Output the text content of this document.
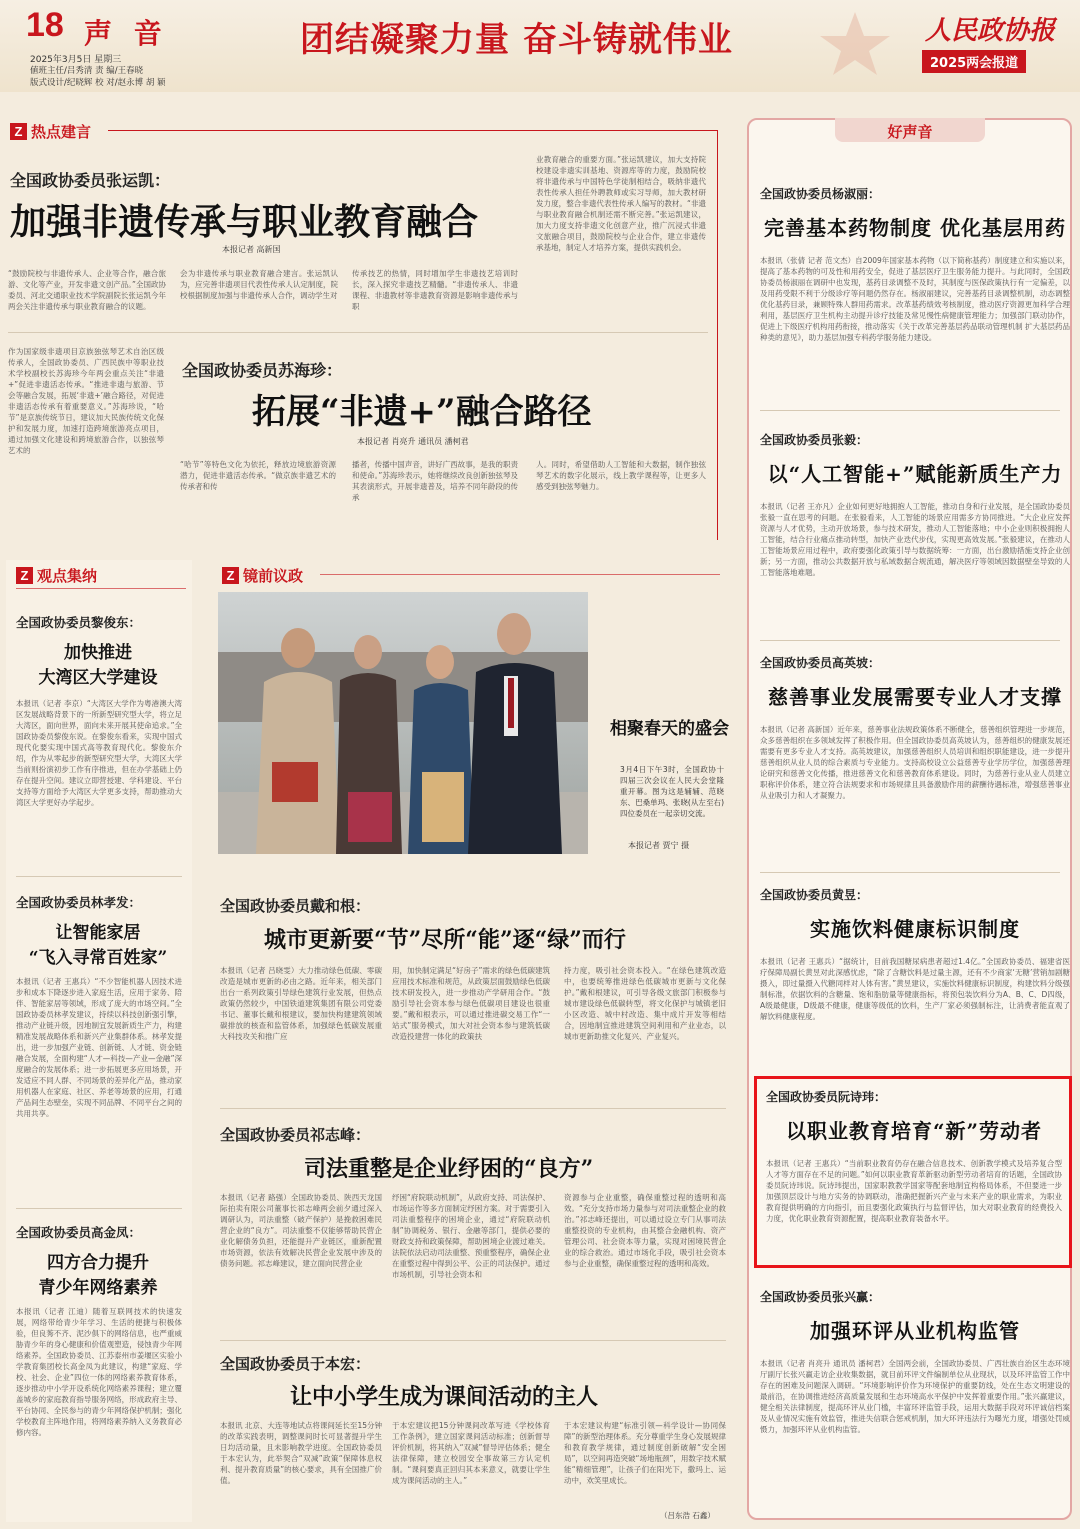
18 声 音
2025年3月5日 星期三
値班主任/吕秀清 责 编/王春晓
版式设计/纪晓辉 校 对/赵永博 胡 颖
团结凝聚力量 奋斗铸就伟业	人民政协报
2025两会报道
Z 热点建言
全国政协委员张运凯：
加强非遗传承与职业教育融合
本报记者 高新国
“鼓励院校与非遗传承人、企业等合作，融合旅游、文化等产业，开发非遗文创产品。”全国政协委员、河北交通职业技术学院副院长张运凯今年两会关注非遗传承与职业教育融合的议题。
会为非遗传承与职业教育融合建言。张运凯认为，应完善非遗项目代表性传承人认定制度，院校根据制度加强与非遗传承人合作，调动学生对
传承技艺的热情，同时增加学生非遗技艺培训时长，深入探究非遗技艺精髓。“非遗传承人、非遗课程、非遗教材等非遗教育资源是影响非遗传承与职
业教育融合的重要方面。”张运凯建议，加大支持院校建设非遗实训基地、资源库等的力度，鼓励院校将非遗传承与中国特色学徒制相结合，吸纳非遗代表性传承人担任外聘教师或实习导师，加大教材研发力度，整合非遗代表性传承人编写的教材。“非遗与职业教育融合机制还需不断完善。”张运凯建议，加大力度支持非遗文化创意产业，推广沉浸式非遗文旅融合项目，鼓励院校与企业合作，建立非遗传承基地，制定人才培养方案，提供实践机会。
作为国家级非遗项目京族独弦琴艺术自治区级传承人，全国政协委员、广西民族中等职业技术学校副校长苏海珍今年两会重点关注“非遗+”促进非遗活态传承。“推进非遗与旅游、节会等融合发展，拓展‘非遗+’融合路径，对促进非遗活态传承有着重要意义。”苏海珍说，“哈节”是京族传统节日，建议加大民族传统文化保护和发展力度，加速打造跨境旅游亮点项目，通过加强文化建设和跨境旅游合作，以独弦琴艺术的
全国政协委员苏海珍：
拓展“非遗+”融合路径
本报记者 肖亮升 通讯员 潘柯君
“哈节”等特色文化为依托，释放边境旅游资源潜力，促进非遗活态传承。“做京族非遗艺术的传承者和传
播者，传播中国声音，讲好广西故事，是我的职责和使命。”苏海珍表示，她将继续改良创新独弦琴及其表演形式，开展非遗普及，培养不同年龄段的传承
人。同时，希望借助人工智能和大数据，制作独弦琴艺术的数字化展示，线上教学课程等，让更多人感受到独弦琴魅力。
Z 观点集纳
全国政协委员黎俊东：
加快推进
大湾区大学建设
本报讯（记者 李京）“大湾区大学作为粤港澳大湾区发展战略背景下的一所新型研究型大学，将立足大湾区，面向世界，面向未来开展其使命追求。”全国政协委员黎俊东说。在黎俊东看来，实现中国式现代化要实现中国式高等教育现代化。黎俊东介绍，作为从零起步的新型研究型大学，大湾区大学当前则扮演初步工作有序推进，但在办学基础上仍存在提升空间。建议立即营授建、学科建设、平台支持等方面给予大湾区大学更多支持，帮助推动大湾区大学更好办学起步。
全国政协委员林孝发：
让智能家居
“飞入寻常百姓家”
本报讯（记者 王惠兵）“不少智能机器人因技术进步和成本下降逐步进入家庭生活，应用于家务、陪伴、智能家居等领域，形成了庞大的市场空间。”全国政协委员林孝发建议，持续以科技创新强引擎，推动产业链升级，因地制宜发展新质生产力，构建精准发展战略体系和新兴产业集群体系。林孝发提出，进一步加强产业链、创新链、人才链、资金链融合发展，全面构建“人才—科技—产业—金融”深度融合的发展体系；进一步拓展更多应用场景，开发适应不同人群、不同场景的差异化产品，推动家用机器人在家庭、社区、养老等场景的应用，打通产品间生态壁垒，实现不同品牌、不同平台之间的共用共享。
全国政协委员高金凤：
四方合力提升
青少年网络素养
本报讯（记者 江迪）随着互联网技术的快速发展，网络带给青少年学习、生活的便捷与积极体验，但良莠不齐、泥沙俱下的网络信息，也严重威胁青少年的身心健康和价值观塑造，侵蚀青少年网络素养。全国政协委员、江苏泰州市姜堰区实验小学教育集团校长高金凤为此建议，构建“家庭、学校、社会、企业”四位一体的网络素养教育体系，逐步推动中小学开设系统化网络素养课程；建立覆盖城乡的家庭教育指导服务网络，形成政府主导、平台协同、全民参与的青少年网络保护机制；强化学校教育主阵地作用，将网络素养纳入义务教育必修内容。
Z 镜前议政
相聚春天的盛会
3月4日下午3时，全国政协十四届三次会议在人民大会堂隆重开幕。图为这是辅辅、范晓东、巴桑单玛、张晓(从左至右)四位委员在一起亲切交流。
本报记者 贾宁 摄
全国政协委员戴和根：
城市更新要“节”尽所“能”逐“绿”而行
本报讯（记者 吕晓雯）大力推动绿色低碳、零碳改造是城市更新的必由之路。近年来，相关部门出台一系列政策引导绿色建筑行业发展，但热点政策仍然较少，中国铁道建筑集团有限公司党委书记、董事长戴和根建议，要加快构建建筑领域碳排放的核查和监管体系，加强绿色低碳发展重大科技攻关和推广应
用，加快制定满足“好房子”需求的绿色低碳建筑应用技术标准和规范，从政策层面鼓励绿色低碳技术研发投入，进一步推动产学研用合作。“鼓励引导社会资本参与绿色低碳项目建设也很重要。”戴和根表示，可以通过推进碳交易工作“一站式”服务模式，加大对社会资本参与建筑低碳改造投建营一体化的政策扶
持力度，吸引社会资本投入。“在绿色建筑改造中，也要统筹推进绿色低碳城市更新与文化保护。”戴和根建议，可引导各级文旅部门积极参与城市建设绿色低碳转型，将文化保护与城镇老旧小区改造、城中村改造、集中成片开发等相结合，因地制宜推进建筑空间利用和产业业态，以城市更新助推文化复兴、产业复兴。
全国政协委员祁志峰：
司法重整是企业纾困的“良方”
本报讯（记者 路强）全国政协委员、陕西天龙国际拍卖有限公司董事长祁志峰两会前夕通过深入调研认为，司法重整（破产保护）是挽救困难民营企业的“良方”。司法重整不仅能够帮助民营企业化解债务负担，还能提升产业链区，重新配置市场资源，依法有效解决民营企业发展中涉及的债务问题。祁志峰建议，建立面向民营企业
纾困“府院联动机制”，从政府支持、司法保护、市场运作等多方面制定纾困方案。对于需要引入司法重整程序的困境企业，通过“府院联动机制”协调税务、银行、金融等部门，提供必要的财政支持和政策保障，帮助困境企业渡过难关。法院依法启动司法重整、预重整程序，确保企业在重整过程中得到公平、公正的司法保护。通过市场机制，引导社会资本和
资源参与企业重整，确保重整过程的透明和高效。“充分支持市场力量参与对司法重整企业的救治。”祁志峰还提出，可以通过设立专门从事司法重整投资的专业机构，由其整合金融机构、资产管理公司、社会资本等力量，实现对困境民营企业的综合救治。通过市场化手段，吸引社会资本参与企业重整，确保重整过程的透明和高效。
全国政协委员于本宏：
让中小学生成为课间活动的主人
本报讯 北京、大连等地试点将课间延长至15分钟的改革实践表明，调整课间时长可显著提升学生日均活动量，且未影响教学进度。全国政协委员于本宏认为，此举契合“双减”政策“保障体息权利、提升教育质量”的核心要求，具有全国推广价值。
于本宏建议把15分钟课间改革写进《学校体育工作条例》，建立国家课间活动标准；创新督导评价机制，将其纳入“双减”督导评估体系；健全法律保障，建立校园安全事故第三方认定机制。“课间要真正回归其本来意义，就要让学生成为课间活动的主人。”
于本宏建议构建“标准引领—科学设计—协同保障”的新型治理体系。充分尊重学生身心发展规律和教育教学规律，通过制度创新破解“安全困局”，以空间再造突破“场地瓶颈”，用数字技术赋能“精细管理”，让孩子们在阳光下，撒玛上、运动中，欢笑里成长。
（吕东浩 石鑫）
好声音
全国政协委员杨淑丽：
完善基本药物制度 优化基层用药
本报讯（张倩 记者 范文杰）自2009年国家基本药物（以下简称基药）制度建立和实施以来，提高了基本药物的可及性和用药安全，促进了基层医疗卫生服务能力提升。与此同时，全国政协委员杨淑丽在调研中也发现，基药目录调整不及时，其制度与医保政策执行有一定偏差，以及用药受限不利于分级诊疗等问题仍然存在。杨淑丽建议，完善基药目录调整机制，动态调整优化基药目录，兼顾特殊人群用药需求。改革基药绩效考核制度，推动医疗资源更加科学合理利用，基层医疗卫生机构主动提升诊疗技能及常见慢性病健康管理能力；加强部门联动协作，促进上下级医疗机构用药衔接，推动落实《关于改革完善基层药品联动管理机制 扩大基层药品种类的意见》，助力基层加强专科药学服务能力建设。
全国政协委员张毅：
以“人工智能+”赋能新质生产力
本报讯（记者 王亦凡）企业如何更好地拥抱人工智能，推动自身和行业发展，是全国政协委员张毅一直在思考的问题。在张毅看来，人工智能的场景应用需多方协同推进。“大企业应发挥资源与人才优势，主动开放场景，参与技术研发，推动人工智能落地；中小企业则积极拥抱人工智能，结合行业痛点推动转型，加快产业迭代步伐，实现更高效发展。”张毅建议，在推动人工智能场景应用过程中，政府要强化政策引导与数据统筹：一方面，出台激励措施支持企业创新；另一方面，推动公共数据开放与私域数据合规流通，解决医疗等领域因数据壁垒导致的人工智能落地难题。
全国政协委员高英坡：
慈善事业发展需要专业人才支撑
本报讯（记者 高新国）近年来，慈善事业法规政策体系不断健全，慈善组织管理进一步规范，众多慈善组织在多领域发挥了积极作用。但全国政协委员高英坡认为，慈善组织的健康发展还需要有更多专业人才支持。高英坡建议，加强慈善组织人员培训和组织职能建设，进一步提升慈善组织从业人员的综合素质与专业能力。支持高校设立公益慈善专业学历学位，加强慈善理论研究和慈善文化传播，推进慈善文化和慈善教育体系建设。同时，为慈善行业从业人员建立职称评价体系，建立符合法规要求和市场规律且具备激励作用的薪酬待遇标准，增强慈善事业从业吸引力和人才凝聚力。
全国政协委员黄昱：
实施饮料健康标识制度
本报讯（记者 王惠兵）“据统计，目前我国糖尿病患者超过1.4亿。”全国政协委员、福建省医疗保障局副长黄昱对此深感忧虑，“除了含糖饮料是过量主源，还有不少商家‘无糖’营销加剧糖摄入，即过量摄入代糖同样对人体有害。”黄昱建议，实施饮料健康标识制度，构建饮料分级强制标准，依据饮料的含糖量、饱和脂肪量等健康指标，将预包装饮料分为A、B、C、D四级，A级最健康，D级最不健康，健康等级低的饮料，生产厂家必须强制标注，让消费者能直观了解饮料健康程度。
全国政协委员阮诗玮：
以职业教育培育“新”劳动者
本报讯（记者 王惠兵）“当前职业教育仍存在融合信息技术、创新教学模式及培养复合型人才等方面存在不足的问题。”如何以职业教育革新驱动新型劳动者培育的话题，全国政协委员阮诗玮说。阮诗玮提出，国家职教教学国家等配套地制宜构格局体系，不但要进一步加强顶层设计与地方实务的协调联动，准确把握新兴产业与未来产业的职业需求，为职业教育提供明确的方向指引，而且要强化政策执行与监督评估，加大对职业教育的经费投入力度，优化职业教育资源配置，提高职业教育装备水平。
全国政协委员张兴赢：
加强环评从业机构监管
本报讯（记者 肖亮升 通讯员 潘柯君）全国两会前，全国政协委员、广西壮族自治区生态环境厅副厅长张兴赢走访企业收集数据，就目前环评文件编制单位从业现状，以及环评监管工作中存在的困难及问题深入调研。“环境影响评价作为环境保护的重要防线，处在生态文明建设的最前沿，在协调推进经济高质量发展和生态环境高水平保护中发挥着重要作用。”张兴赢建议，健全相关法律制度，提高环评从业门槛，丰富环评监管手段，运用大数据手段对环评诚信档案及从业情况实施有效监管，推进失信联合惩戒机制，加大环评违法行为曝光力度，增强处罚威慑力，加强环评从业机构监管。
